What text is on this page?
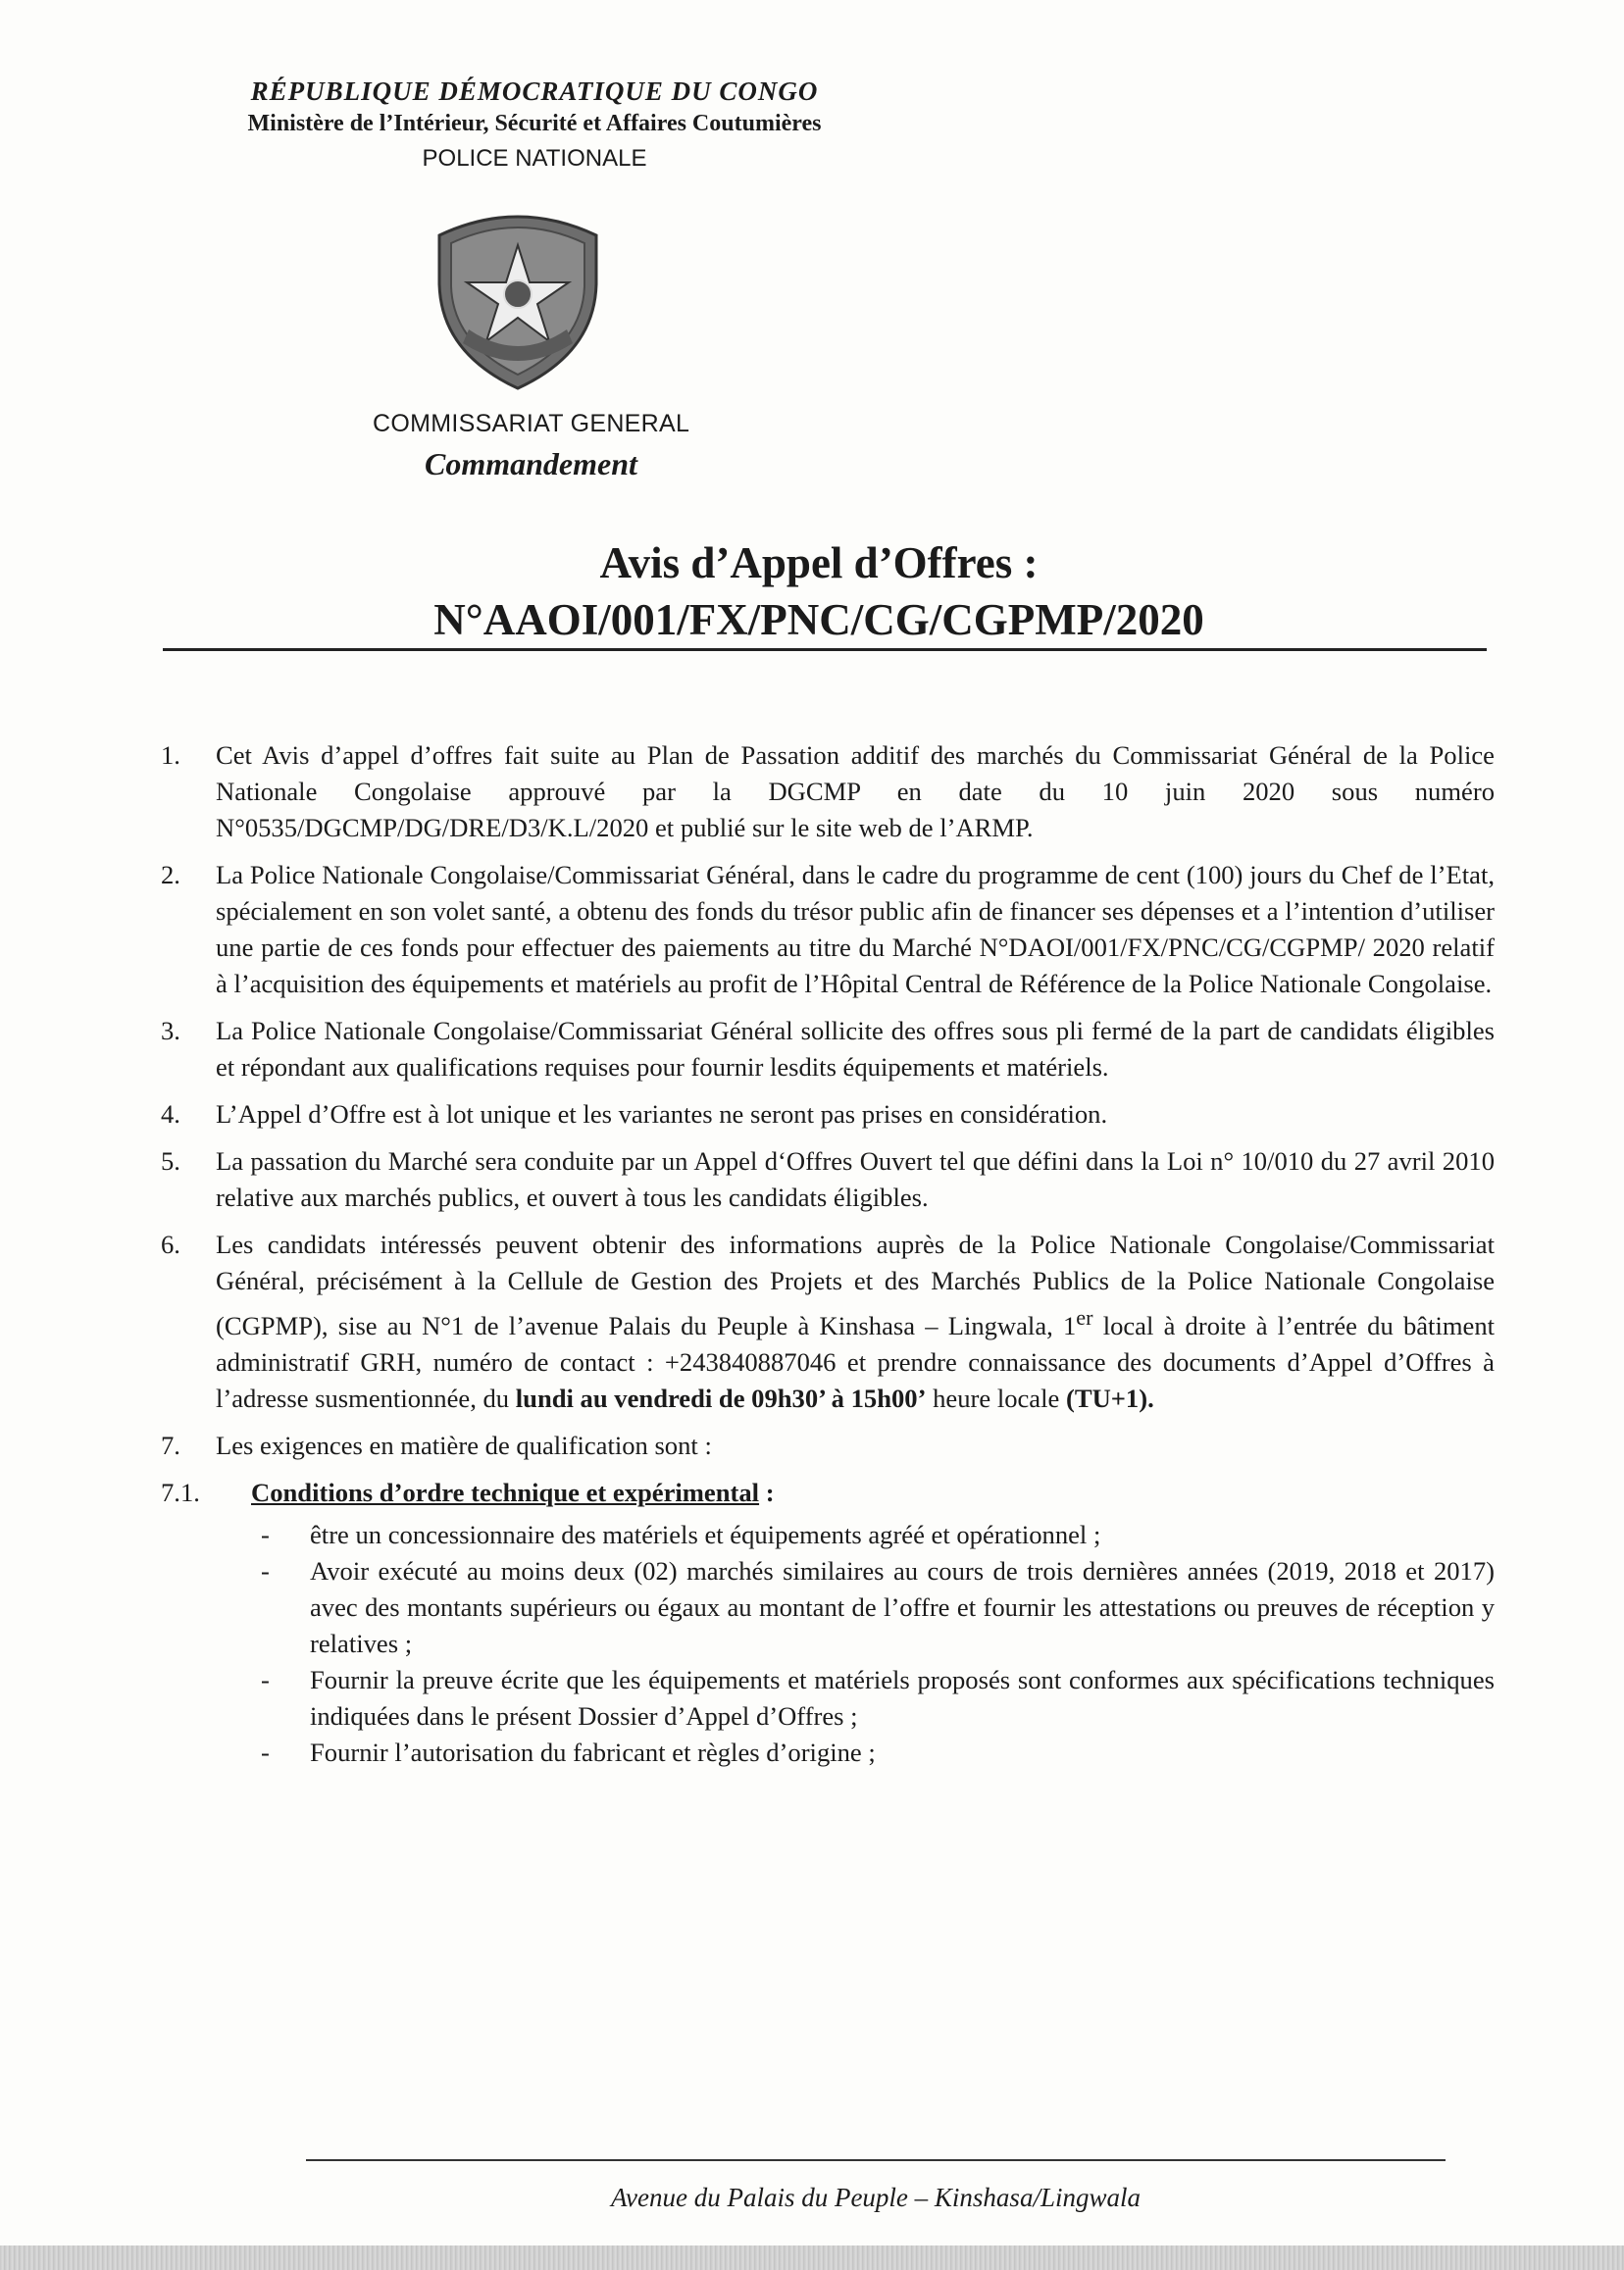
RÉPUBLIQUE DÉMOCRATIQUE DU CONGO
Ministère de l’Intérieur, Sécurité et Affaires Coutumières
POLICE NATIONALE
COMMISSARIAT GENERAL
Commandement
Avis d’Appel d’Offres :
N°AAOI/001/FX/PNC/CG/CGPMP/2020
1.	Cet Avis d’appel d’offres fait suite au Plan de Passation additif des marchés du Commissariat Général de la Police Nationale Congolaise approuvé par la DGCMP en date du 10 juin 2020 sous numéro N°0535/DGCMP/DG/DRE/D3/K.L/2020 et publié sur le site web de l’ARMP.
2.	La Police Nationale Congolaise/Commissariat Général, dans le cadre du programme de cent (100) jours du Chef de l’Etat, spécialement en son volet santé, a obtenu des fonds du trésor public afin de financer ses dépenses et a l’intention d’utiliser une partie de ces fonds pour effectuer des paiements au titre du Marché N°DAOI/001/FX/PNC/CG/CGPMP/ 2020 relatif à l’acquisition des équipements et matériels au profit de l’Hôpital Central de Référence de la Police Nationale Congolaise.
3.	La Police Nationale Congolaise/Commissariat Général sollicite des offres sous pli fermé de la part de candidats éligibles et répondant aux qualifications requises pour fournir lesdits équipements et matériels.
4.	L’Appel d’Offre est à lot unique et les variantes ne seront pas prises en considération.
5.	La passation du Marché sera conduite par un Appel d‘Offres Ouvert tel que défini dans la Loi n° 10/010 du 27 avril 2010 relative aux marchés publics, et ouvert à tous les candidats éligibles.
6.	Les candidats intéressés peuvent obtenir des informations auprès de la Police Nationale Congolaise/Commissariat Général, précisément à la Cellule de Gestion des Projets et des Marchés Publics de la Police Nationale Congolaise (CGPMP), sise au N°1 de l’avenue Palais du Peuple à Kinshasa – Lingwala, 1er local à droite à l’entrée du bâtiment administratif GRH, numéro de contact : +243840887046 et prendre connaissance des documents d’Appel d’Offres à l’adresse susmentionnée, du lundi au vendredi de 09h30’ à 15h00’ heure locale (TU+1).
7.	Les exigences en matière de qualification sont :
7.1.	Conditions d’ordre technique et expérimental :
-	être un concessionnaire des matériels et équipements agréé et opérationnel ;
-	Avoir exécuté au moins deux (02) marchés similaires au cours de trois dernières années (2019, 2018 et 2017) avec des montants supérieurs ou égaux au montant de l’offre et fournir les attestations ou preuves de réception y relatives ;
-	Fournir la preuve écrite que les équipements et matériels proposés sont conformes aux spécifications techniques indiquées dans le présent Dossier d’Appel d’Offres ;
-	Fournir l’autorisation du fabricant et règles d’origine ;
Avenue du Palais du Peuple – Kinshasa/Lingwala
